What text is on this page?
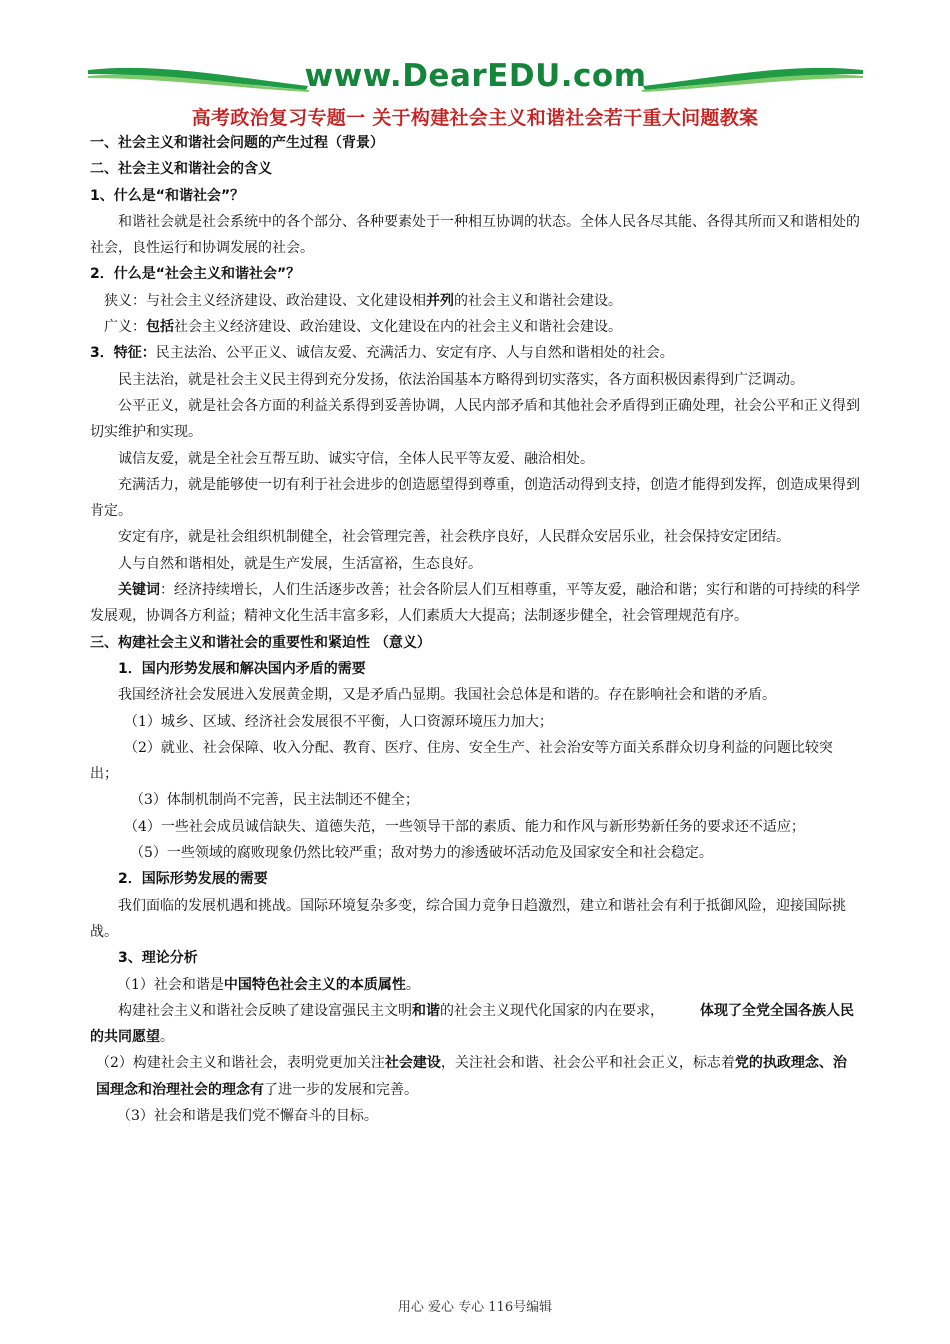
www.DearEDU.com
高考政治复习专题一 关于构建社会主义和谐社会若干重大问题教案

一、社会主义和谐社会问题的产生过程（背景）

二、社会主义和谐社会的含义

1、什么是“和谐社会”？

和谐社会就是社会系统中的各个部分、各种要素处于一种相互协调的状态。全体人民各尽其能、各得其所而又和谐相处的社会，良性运行和协调发展的社会。

2．什么是“社会主义和谐社会”？

狭义：与社会主义经济建设、政治建设、文化建设相并列的社会主义和谐社会建设。

广义：包括社会主义经济建设、政治建设、文化建设在内的社会主义和谐社会建设。

3．特征：民主法治、公平正义、诚信友爱、充满活力、安定有序、人与自然和谐相处的社会。

民主法治，就是社会主义民主得到充分发扬，依法治国基本方略得到切实落实，各方面积极因素得到广泛调动。

公平正义，就是社会各方面的利益关系得到妥善协调，人民内部矛盾和其他社会矛盾得到正确处理，社会公平和正义得到切实维护和实现。

诚信友爱，就是全社会互帮互助、诚实守信，全体人民平等友爱、融洽相处。

充满活力，就是能够使一切有利于社会进步的创造愿望得到尊重，创造活动得到支持，创造才能得到发挥，创造成果得到肯定。

安定有序，就是社会组织机制健全，社会管理完善，社会秩序良好，人民群众安居乐业，社会保持安定团结。

人与自然和谐相处，就是生产发展，生活富裕，生态良好。

关键词：经济持续增长，人们生活逐步改善；社会各阶层人们互相尊重，平等友爱，融洽和谐；实行和谐的可持续的科学发展观，协调各方利益；精神文化生活丰富多彩，人们素质大大提高；法制逐步健全，社会管理规范有序。

三、构建社会主义和谐社会的重要性和紧迫性 （意义）

1．国内形势发展和解决国内矛盾的需要

我国经济社会发展进入发展黄金期，又是矛盾凸显期。我国社会总体是和谐的。存在影响社会和谐的矛盾。

（1）城乡、区域、经济社会发展很不平衡，人口资源环境压力加大；

（2）就业、社会保障、收入分配、教育、医疗、住房、安全生产、社会治安等方面关系群众切身利益的问题比较突出；

（3）体制机制尚不完善，民主法制还不健全；

（4）一些社会成员诚信缺失、道德失范，一些领导干部的素质、能力和作风与新形势新任务的要求还不适应；

（5）一些领域的腐败现象仍然比较严重；敌对势力的渗透破坏活动危及国家安全和社会稳定。

2．国际形势发展的需要

我们面临的发展机遇和挑战。国际环境复杂多变，综合国力竞争日趋激烈，建立和谐社会有利于抵御风险，迎接国际挑战。

3、理论分析

（1）社会和谐是中国特色社会主义的本质属性。

构建社会主义和谐社会反映了建设富强民主文明和谐的社会主义现代化国家的内在要求，	体现了全党全国各族人民的共同愿望。

（2）构建社会主义和谐社会，表明党更加关注社会建设，关注社会和谐、社会公平和社会正义，标志着党的执政理念、治国理念和治理社会的理念有了进一步的发展和完善。

（3）社会和谐是我们党不懈奋斗的目标。

用心 爱心 专心 116号编辑
